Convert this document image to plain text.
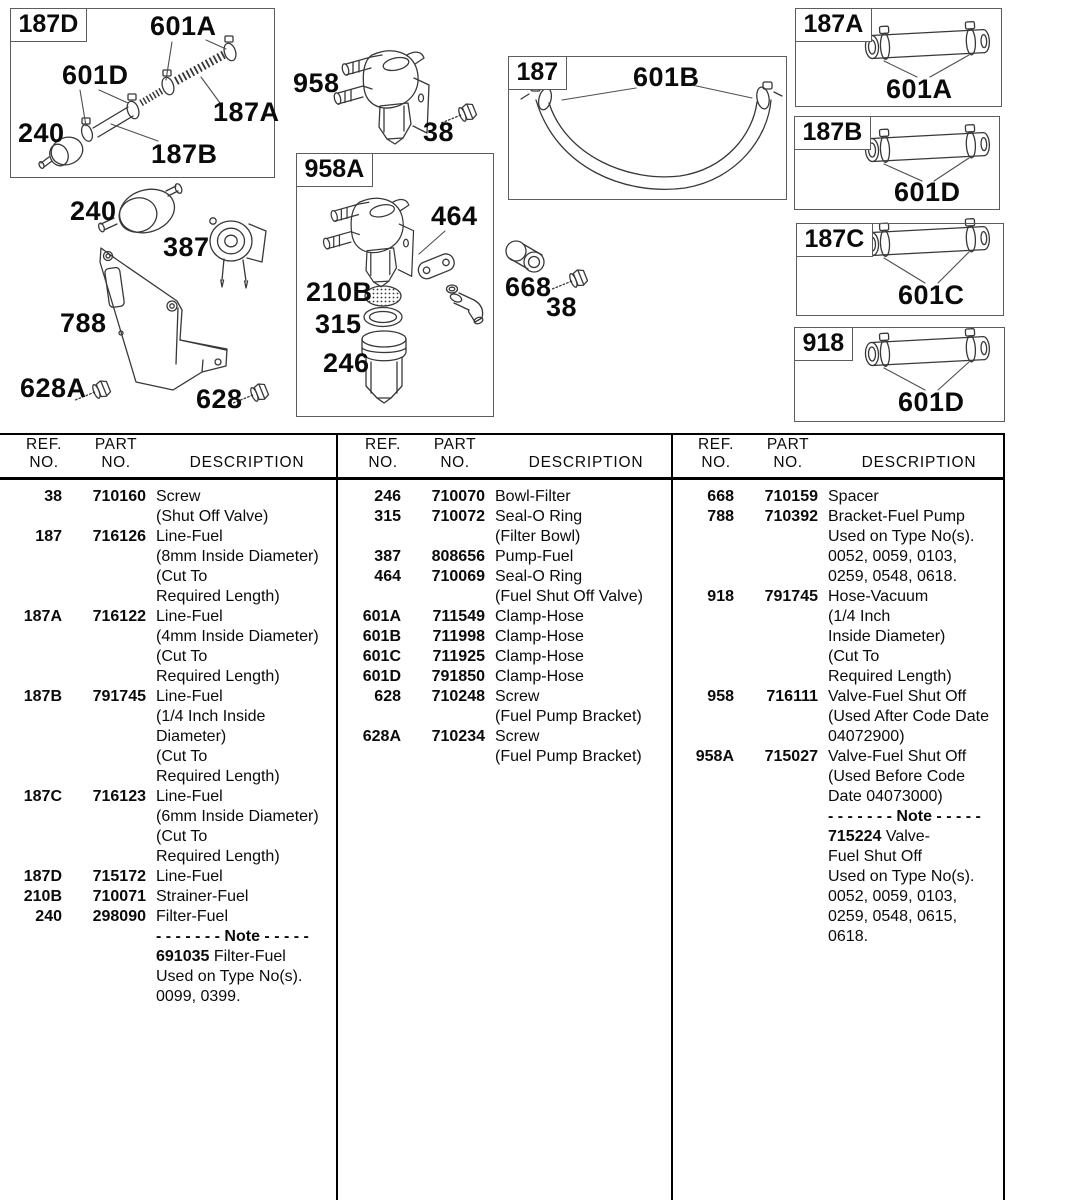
187D
187
958A
187A
187B
187C
918
601A
601D
240
187A
187B
958
38
601B
240
387
788
628A	628
464
210B
315
246
668
38
601A
601D
601C
601D
REF.
NO.
PART
NO.	DESCRIPTION
REF.
NO.
PART
NO.	DESCRIPTION
REF.
NO.
PART
NO.	DESCRIPTION
38	710160 Screw
(Shut Off Valve)
187	716126 Line-Fuel
(8mm Inside Diameter)
(Cut To
Required Length)
187A	716122 Line-Fuel
(4mm Inside Diameter)
(Cut To
Required Length)
187B	791745 Line-Fuel
(1/4 Inch Inside
Diameter)
(Cut To
Required Length)
187C	716123 Line-Fuel
(6mm Inside Diameter)
(Cut To
Required Length)
187D	715172 Line-Fuel
210B	710071 Strainer-Fuel
240	298090 Filter-Fuel
- - - - - - - Note - - - - -
691035 Filter-Fuel
Used on Type No(s).
0099, 0399.
246	710070 Bowl-Filter
315	710072 Seal-O Ring
(Filter Bowl)
387	808656 Pump-Fuel
464	710069 Seal-O Ring
(Fuel Shut Off Valve)
601A	711549 Clamp-Hose
601B	711998 Clamp-Hose
601C	711925 Clamp-Hose
601D	791850 Clamp-Hose
628	710248 Screw
(Fuel Pump Bracket)
628A	710234 Screw
(Fuel Pump Bracket)
668	710159 Spacer
788	710392 Bracket-Fuel Pump
Used on Type No(s).
0052, 0059, 0103,
0259, 0548, 0618.
918	791745 Hose-Vacuum
(1/4 Inch
Inside Diameter)
(Cut To
Required Length)
958	716111 Valve-Fuel Shut Off
(Used After Code Date
04072900)
958A	715027 Valve-Fuel Shut Off
(Used Before Code
Date 04073000)
- - - - - - - Note - - - - -
715224 Valve-
Fuel Shut Off
Used on Type No(s).
0052, 0059, 0103,
0259, 0548, 0615,
0618.
